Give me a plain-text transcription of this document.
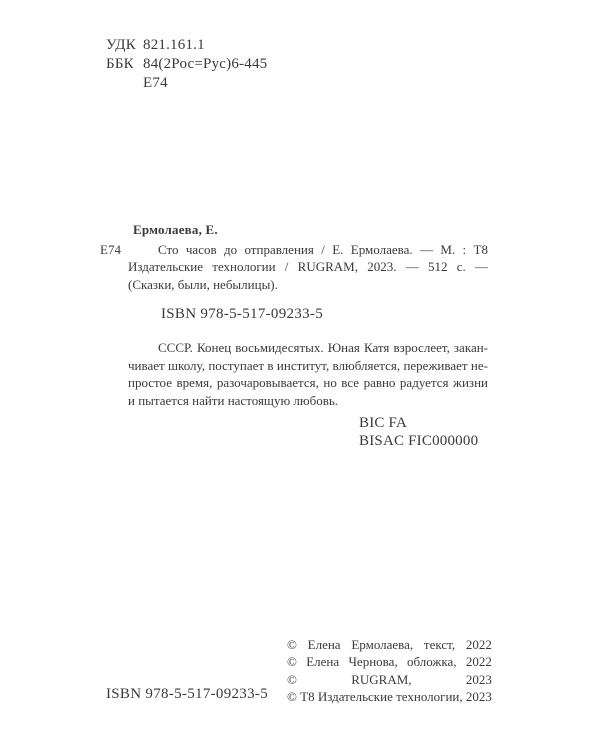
УДК 821.161.1
ББК 84(2Рос=Рус)6-445
Е74
Ермолаева, Е.
Е74	Сто часов до отправления / Е. Ермолаева. — М. : Т8
Издательские технологии / RUGRAM, 2023. — 512 с. —
(Сказки, были, небылицы).
ISBN 978-5-517-09233-5
СССР. Конец восьмидесятых. Юная Катя взрослеет, закан-
чивает школу, поступает в институт, влюбляется, переживает не-
простое время, разочаровывается, но все равно радуется жизни
и пытается найти настоящую любовь.
BIC FA
BISAC FIC000000
© Елена Ермолаева, текст, 2022
© Елена Чернова, обложка, 2022
© RUGRAM, 2023
© Т8 Издательские технологии, 2023
ISBN 978-5-517-09233-5
